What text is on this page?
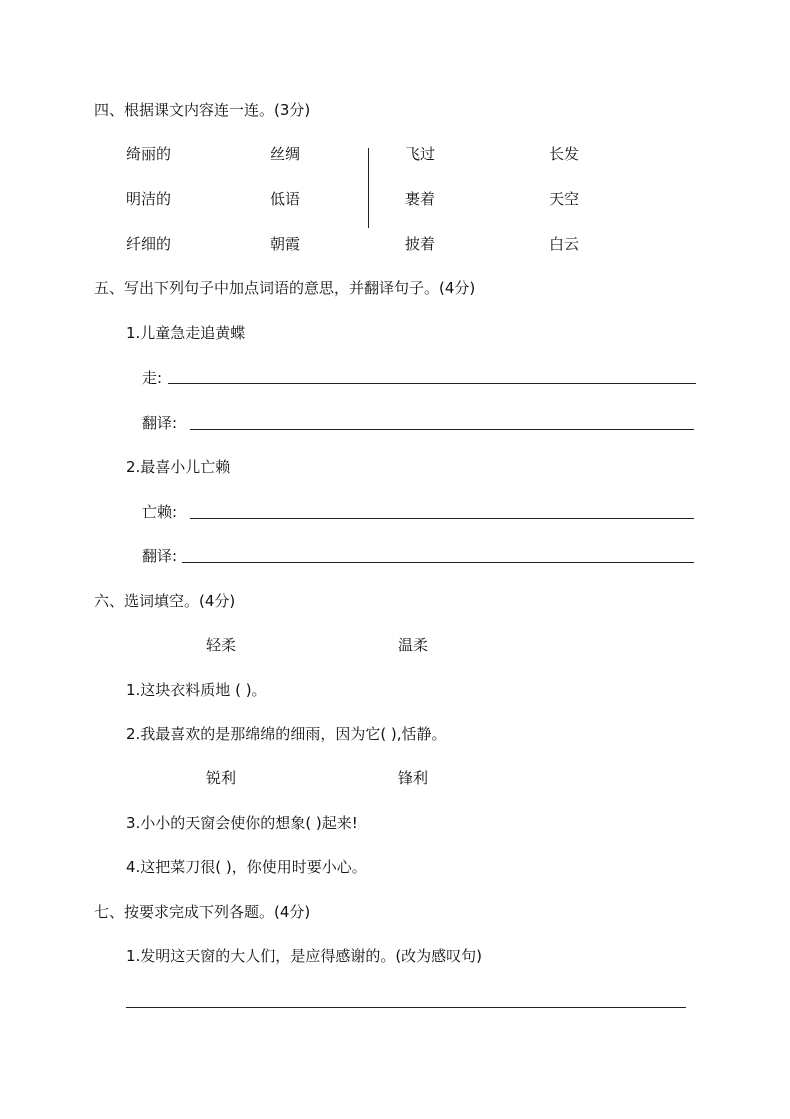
四、根据课文内容连一连。(3分)
绮丽的
明洁的
纤细的
丝绸
低语
朝霞
飞过
裹着
披着
长发
天空
白云
五、写出下列句子中加点词语的意思，并翻译句子。(4分)
1.儿童急走追黄蝶
走:
翻译:
2.最喜小儿亡赖
亡赖:
翻译:
六、选词填空。(4分)
轻柔	温柔
1.这块衣料质地 ( )。
2.我最喜欢的是那绵绵的细雨，因为它( ),恬静。
锐利	锋利
3.小小的天窗会使你的想象( )起来!
4.这把菜刀很( )，你使用时要小心。
七、按要求完成下列各题。(4分)
1.发明这天窗的大人们，是应得感谢的。(改为感叹句)
